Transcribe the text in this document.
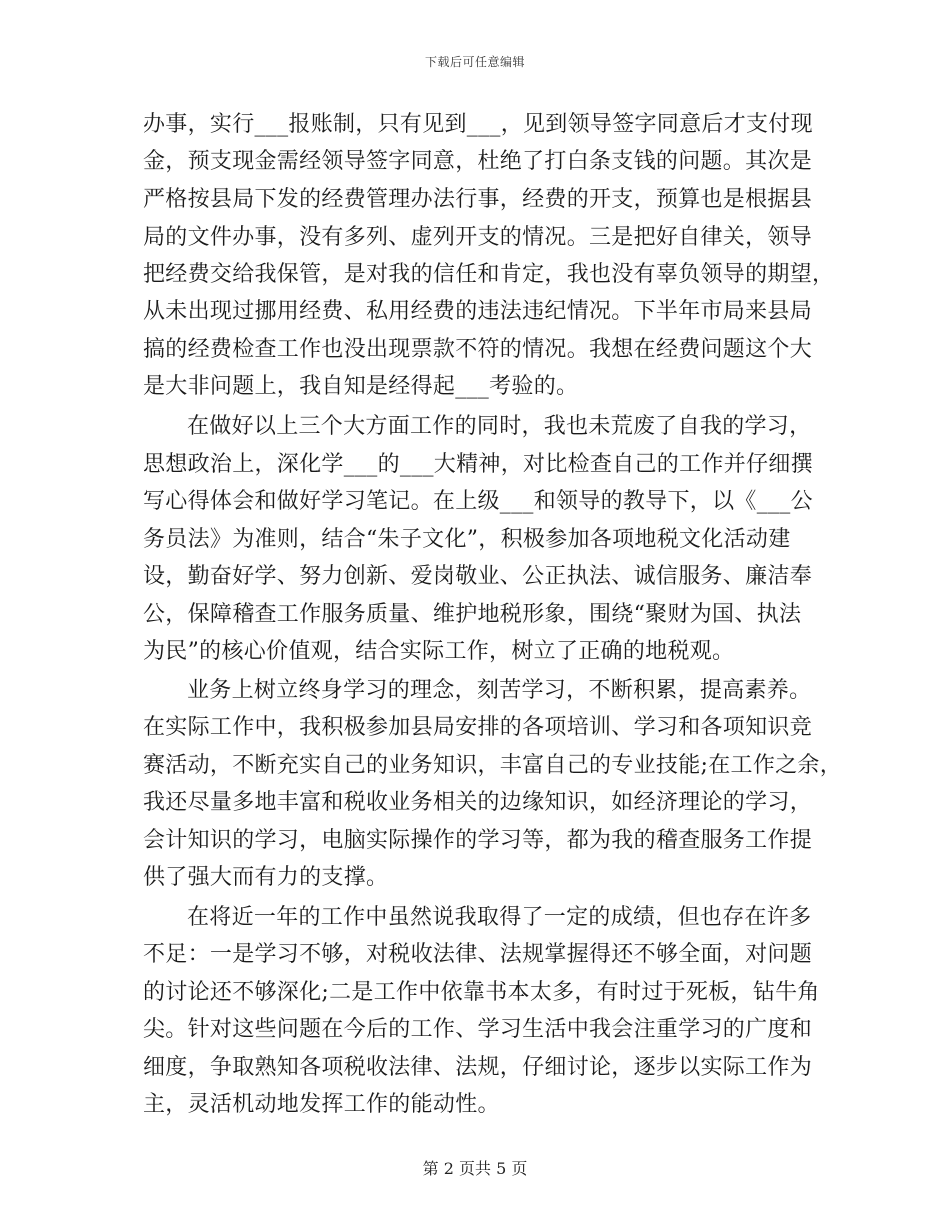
下载后可任意编辑
办事，实行___报账制，只有见到___，见到领导签字同意后才支付现
金，预支现金需经领导签字同意，杜绝了打白条支钱的问题。其次是
严格按县局下发的经费管理办法行事，经费的开支，预算也是根据县
局的文件办事，没有多列、虚列开支的情况。三是把好自律关，领导
把经费交给我保管，是对我的信任和肯定，我也没有辜负领导的期望，
从未出现过挪用经费、私用经费的违法违纪情况。下半年市局来县局
搞的经费检查工作也没出现票款不符的情况。我想在经费问题这个大
是大非问题上，我自知是经得起___考验的。
在做好以上三个大方面工作的同时，我也未荒废了自我的学习，
思想政治上，深化学___的___大精神，对比检查自己的工作并仔细撰
写心得体会和做好学习笔记。在上级___和领导的教导下，以《___公
务员法》为准则，结合“朱子文化”，积极参加各项地税文化活动建
设，勤奋好学、努力创新、爱岗敬业、公正执法、诚信服务、廉洁奉
公，保障稽查工作服务质量、维护地税形象，围绕“聚财为国、执法
为民”的核心价值观，结合实际工作，树立了正确的地税观。
业务上树立终身学习的理念，刻苦学习，不断积累，提高素养。
在实际工作中，我积极参加县局安排的各项培训、学习和各项知识竞
赛活动，不断充实自己的业务知识，丰富自己的专业技能;在工作之余，
我还尽量多地丰富和税收业务相关的边缘知识，如经济理论的学习，
会计知识的学习，电脑实际操作的学习等，都为我的稽查服务工作提
供了强大而有力的支撑。
在将近一年的工作中虽然说我取得了一定的成绩，但也存在许多
不足：一是学习不够，对税收法律、法规掌握得还不够全面，对问题
的讨论还不够深化;二是工作中依靠书本太多，有时过于死板，钻牛角
尖。针对这些问题在今后的工作、学习生活中我会注重学习的广度和
细度，争取熟知各项税收法律、法规，仔细讨论，逐步以实际工作为
主，灵活机动地发挥工作的能动性。
第 2 页共 5 页
